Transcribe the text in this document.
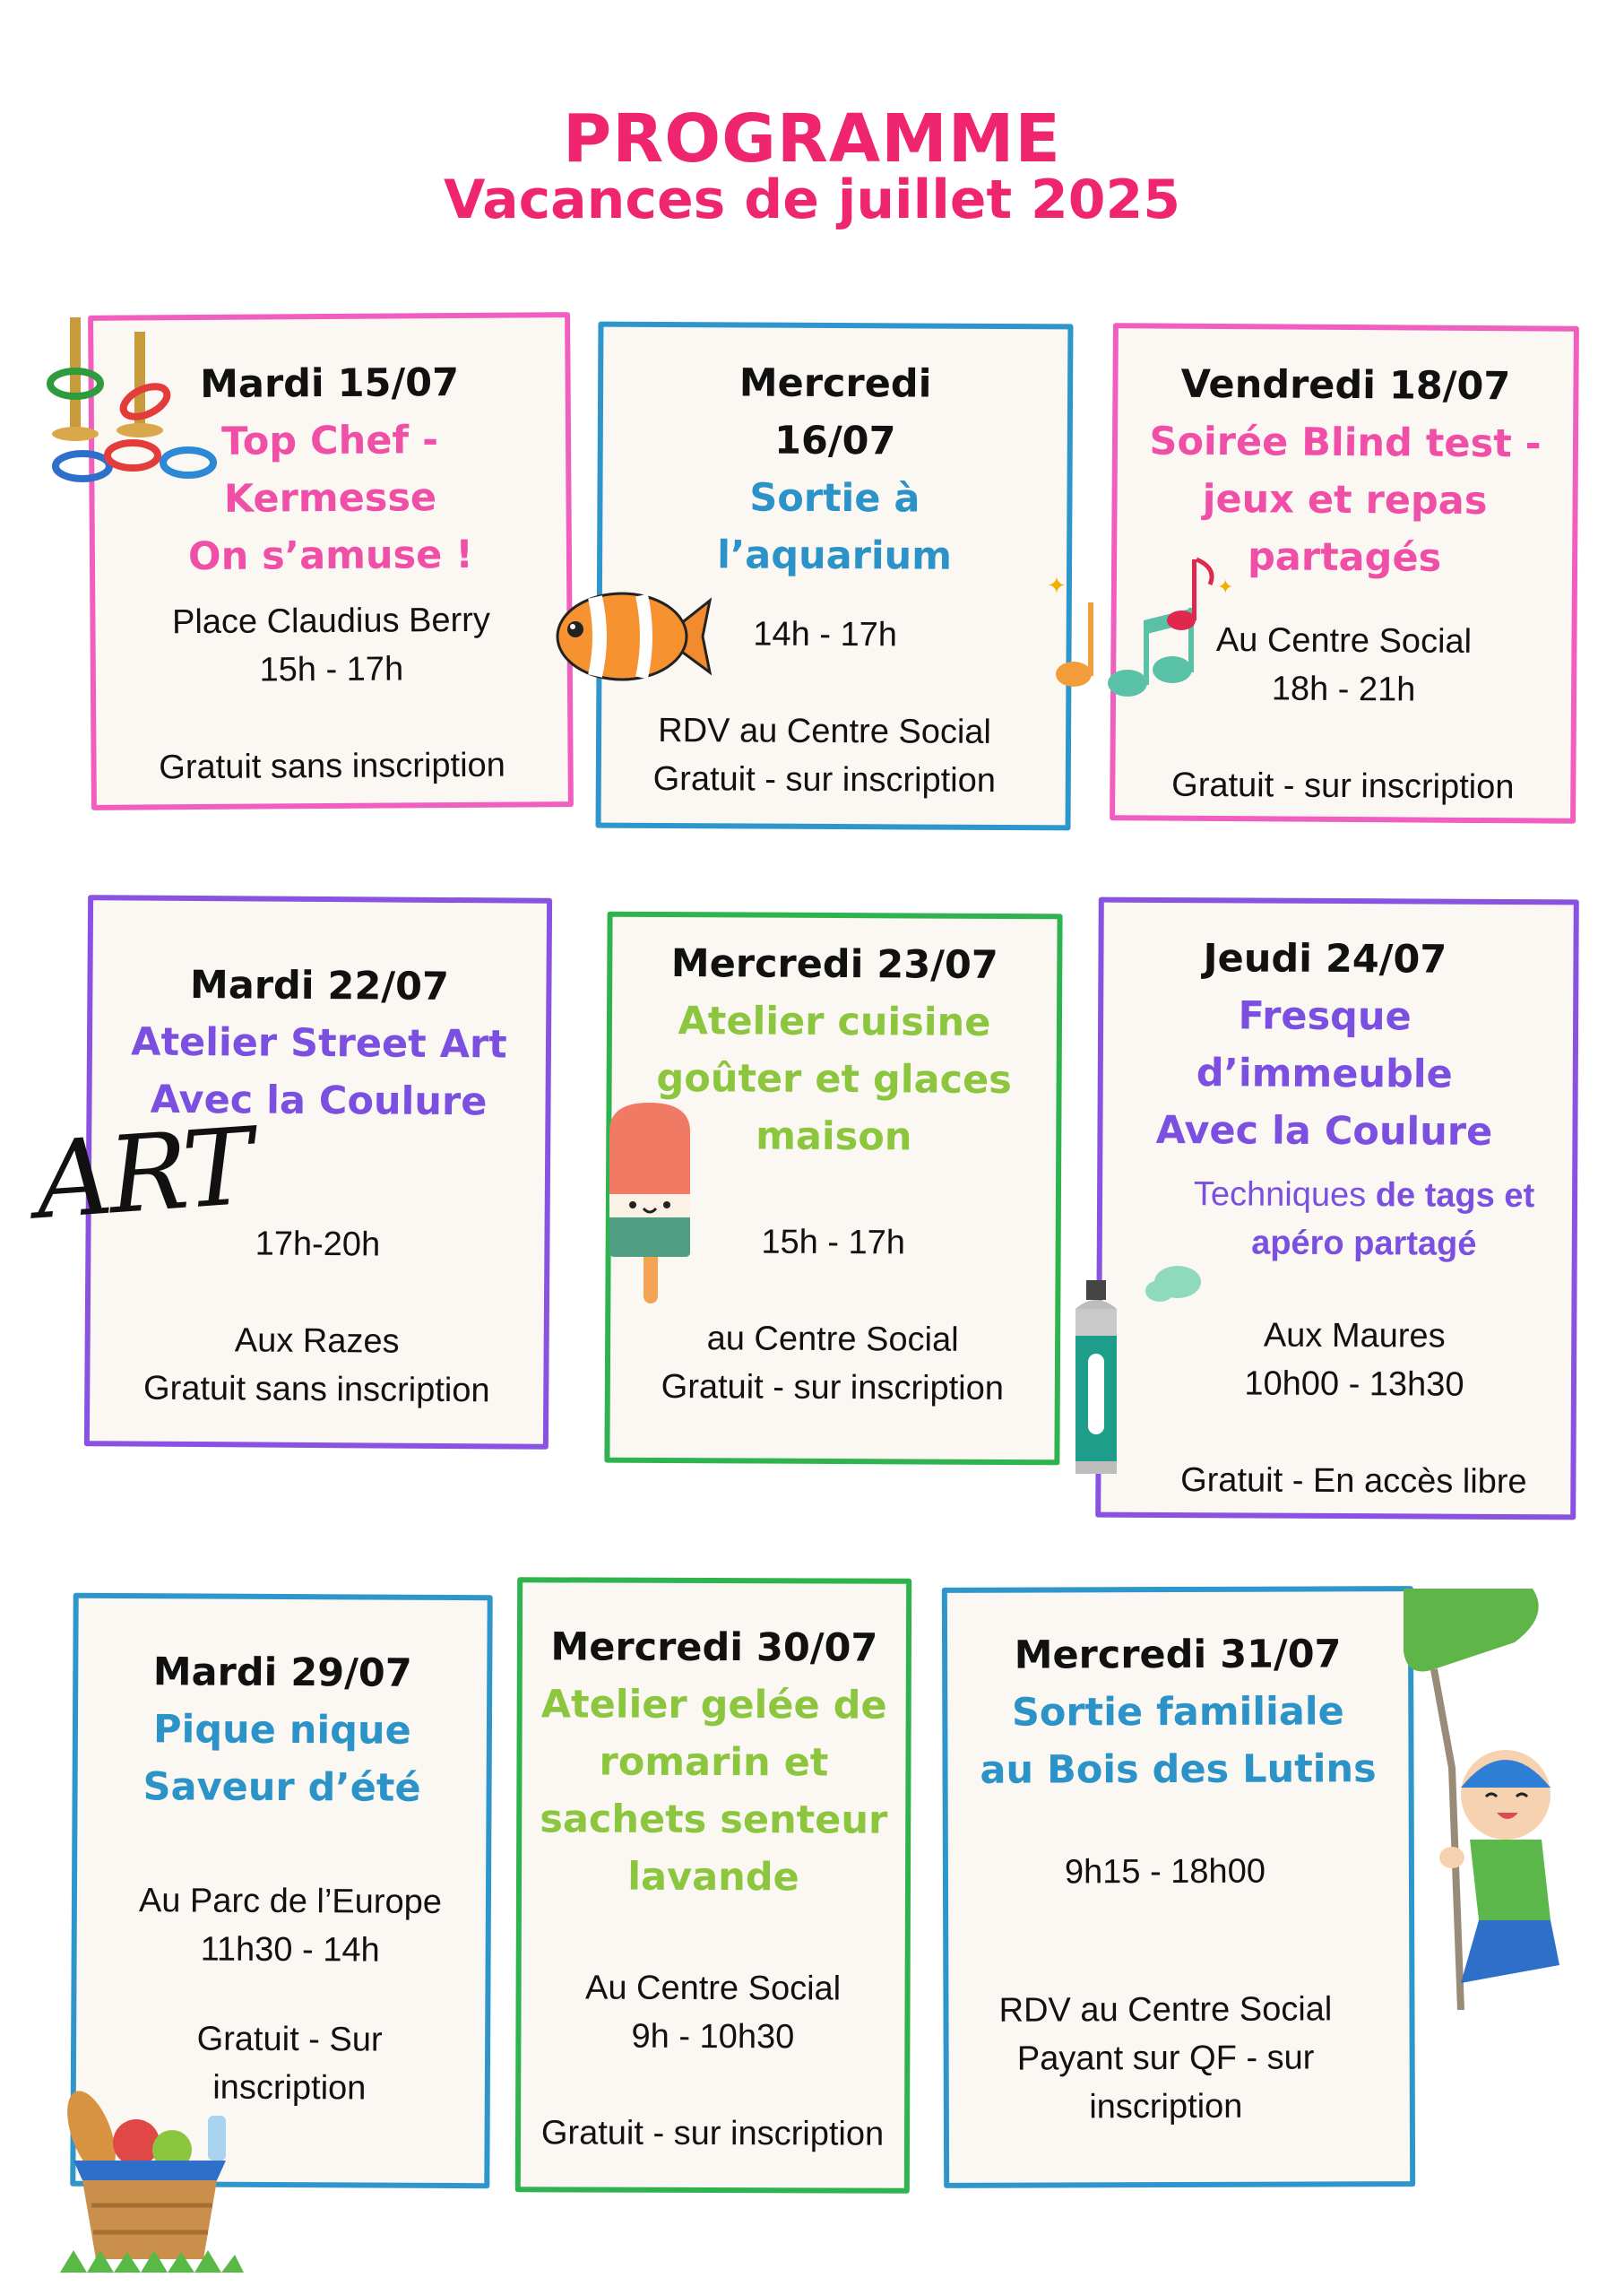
PROGRAMME
Vacances de juillet 2025
Mardi 15/07
Top Chef -
Kermesse
On s’amuse !
Place Claudius Berry
15h - 17h
Gratuit sans inscription
Mercredi
16/07
Sortie à
l’aquarium
14h - 17h
RDV au Centre Social
Gratuit - sur inscription
Vendredi 18/07
Soirée Blind test -
jeux et repas
partagés
Au Centre Social
18h - 21h
Gratuit - sur inscription
Mardi 22/07
Atelier Street Art
Avec la Coulure
17h-20h
Aux Razes
Gratuit sans inscription
Mercredi 23/07
Atelier cuisine
goûter et glaces
maison
15h - 17h
au Centre Social
Gratuit - sur inscription
Jeudi 24/07
Fresque
d’immeuble
Avec la Coulure
Techniques de tags et
apéro partagé
Aux Maures
10h00 - 13h30
Gratuit - En accès libre
Mardi 29/07
Pique nique
Saveur d’été
Au Parc de l’Europe
11h30 - 14h
Gratuit - Sur
inscription
Mercredi 30/07
Atelier gelée de
romarin et
sachets senteur
lavande
Au Centre Social
9h - 10h30
Gratuit - sur inscription
Mercredi 31/07
Sortie familiale
au Bois des Lutins
9h15 - 18h00
RDV au Centre Social
Payant sur QF - sur
inscription
✦	✦
ART
